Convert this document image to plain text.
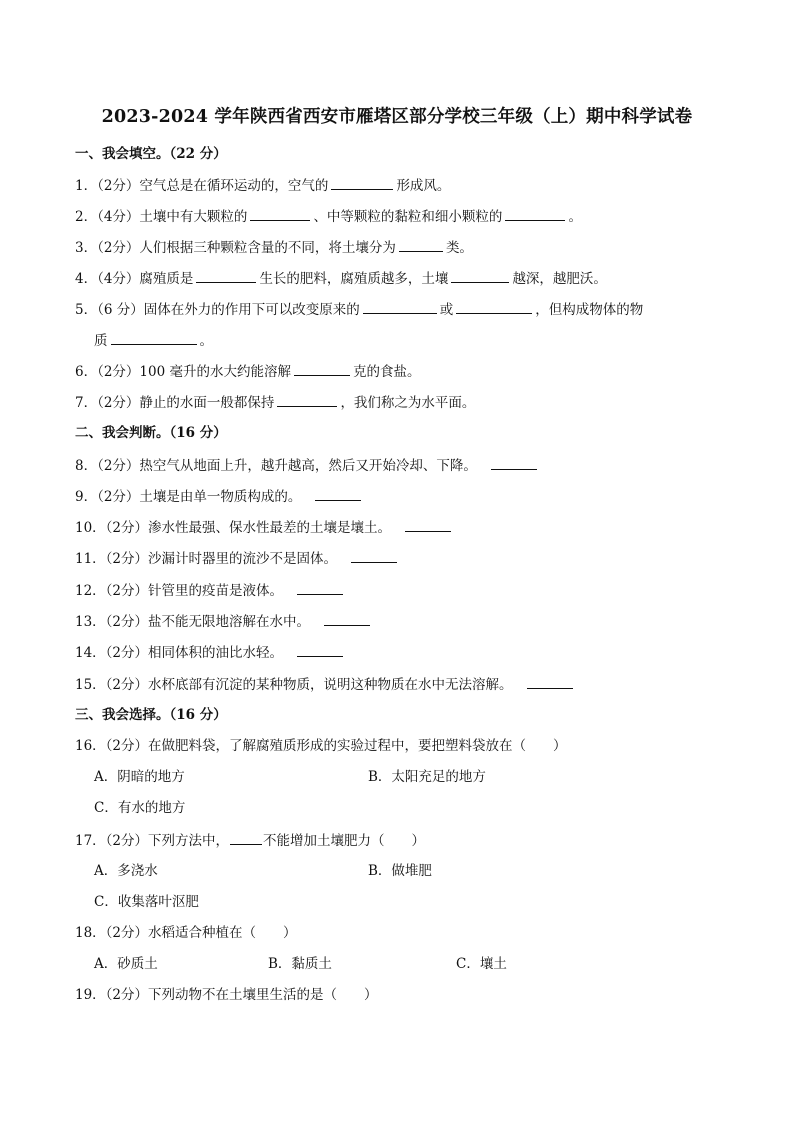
2023-2024 学年陕西省西安市雁塔区部分学校三年级（上）期中科学试卷
一、我会填空。（22 分）
1．（2分）空气总是在循环运动的，空气的	形成风。
2．（4分）土壤中有大颗粒的	、中等颗粒的黏粒和细小颗粒的	。
3．（2分）人们根据三种颗粒含量的不同，将土壤分为	类。
4．（4分）腐殖质是	生长的肥料，腐殖质越多，土壤	越深，越肥沃。
5．（6 分）固体在外力的作用下可以改变原来的	或	，但构成物体的物
质	。
6．（2分）100 毫升的水大约能溶解	克的食盐。
7．（2分）静止的水面一般都保持	，我们称之为水平面。
二、我会判断。（16 分）
8．（2分）热空气从地面上升，越升越高，然后又开始冷却、下降。
9．（2分）土壤是由单一物质构成的。
10．（2分）渗水性最强、保水性最差的土壤是壤土。
11．（2分）沙漏计时器里的流沙不是固体。
12．（2分）针管里的疫苗是液体。
13．（2分）盐不能无限地溶解在水中。
14．（2分）相同体积的油比水轻。
15．（2分）水杯底部有沉淀的某种物质，说明这种物质在水中无法溶解。
三、我会选择。（16 分）
16．（2分）在做肥料袋，了解腐殖质形成的实验过程中，要把塑料袋放在（　　）
A．阴暗的地方	B．太阳充足的地方
C．有水的地方
17．（2分）下列方法中，	不能增加土壤肥力（　　）
A．多浇水	B．做堆肥
C．收集落叶沤肥
18．（2分）水稻适合种植在（　　）
A．砂质土	B．黏质土	C．壤土
19．（2分）下列动物不在土壤里生活的是（　　）
